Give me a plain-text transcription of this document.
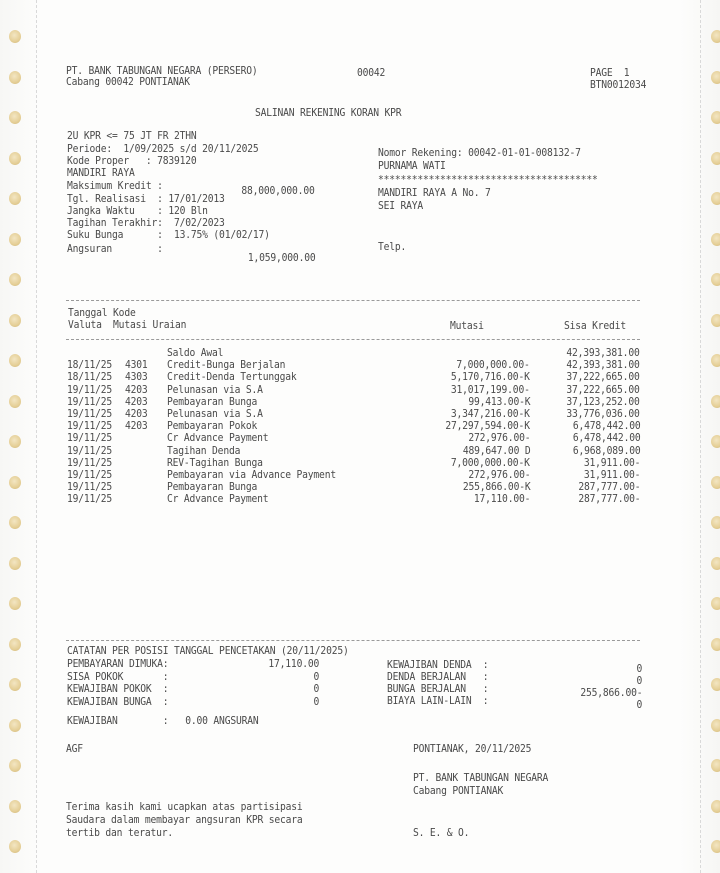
PT. BANK TABUNGAN NEGARA (PERSERO)
Cabang 00042 PONTIANAK
00042	PAGE  1
BTN0012034
SALINAN REKENING KORAN KPR
2U KPR <= 75 JT FR 2THN
Periode:  1/09/2025 s/d 20/11/2025
Kode Proper   : 7839120
MANDIRI RAYA
Maksimum Kredit :	88,000,000.00
Tgl. Realisasi  : 17/01/2013
Jangka Waktu    : 120 Bln
Tagihan Terakhir:  7/02/2023
Suku Bunga      :  13.75% (01/02/17)
Angsuran        :
1,059,000.00
Nomor Rekening: 00042-01-01-008132-7
PURNAMA WATI
***************************************
MANDIRI RAYA A No. 7
SEI RAYA
Telp.
Tanggal Kode
Valuta  Mutasi Uraian	Mutasi	Sisa Kredit
Saldo Awal	42,393,381.00
18/11/25 4301 Credit-Bunga Berjalan	7,000,000.00-	42,393,381.00
18/11/25 4303 Credit-Denda Tertunggak	5,170,716.00-K	37,222,665.00
19/11/25 4203 Pelunasan via S.A	31,017,199.00-	37,222,665.00
19/11/25 4203 Pembayaran Bunga	99,413.00-K	37,123,252.00
19/11/25 4203 Pelunasan via S.A	3,347,216.00-K	33,776,036.00
19/11/25 4203 Pembayaran Pokok	27,297,594.00-K	6,478,442.00
19/11/25	Cr Advance Payment	272,976.00-	6,478,442.00
19/11/25	Tagihan Denda	489,647.00 D	6,968,089.00
19/11/25	REV-Tagihan Bunga	7,000,000.00-K	31,911.00-
19/11/25	Pembayaran via Advance Payment	272,976.00-	31,911.00-
19/11/25	Pembayaran Bunga	255,866.00-K	287,777.00-
19/11/25	Cr Advance Payment	17,110.00-	287,777.00-
CATATAN PER POSISI TANGGAL PENCETAKAN (20/11/2025)
PEMBAYARAN DIMUKA:	17,110.00
SISA POKOK       :	0
KEWAJIBAN POKOK  :	0
KEWAJIBAN BUNGA  :	0
KEWAJIBAN DENDA  :	0
DENDA BERJALAN   :	0
BUNGA BERJALAN   :	255,866.00-
BIAYA LAIN-LAIN  :	0
KEWAJIBAN        :   0.00 ANGSURAN
AGF	PONTIANAK, 20/11/2025
PT. BANK TABUNGAN NEGARA
Cabang PONTIANAK
Terima kasih kami ucapkan atas partisipasi
Saudara dalam membayar angsuran KPR secara
tertib dan teratur.	S. E. & O.
